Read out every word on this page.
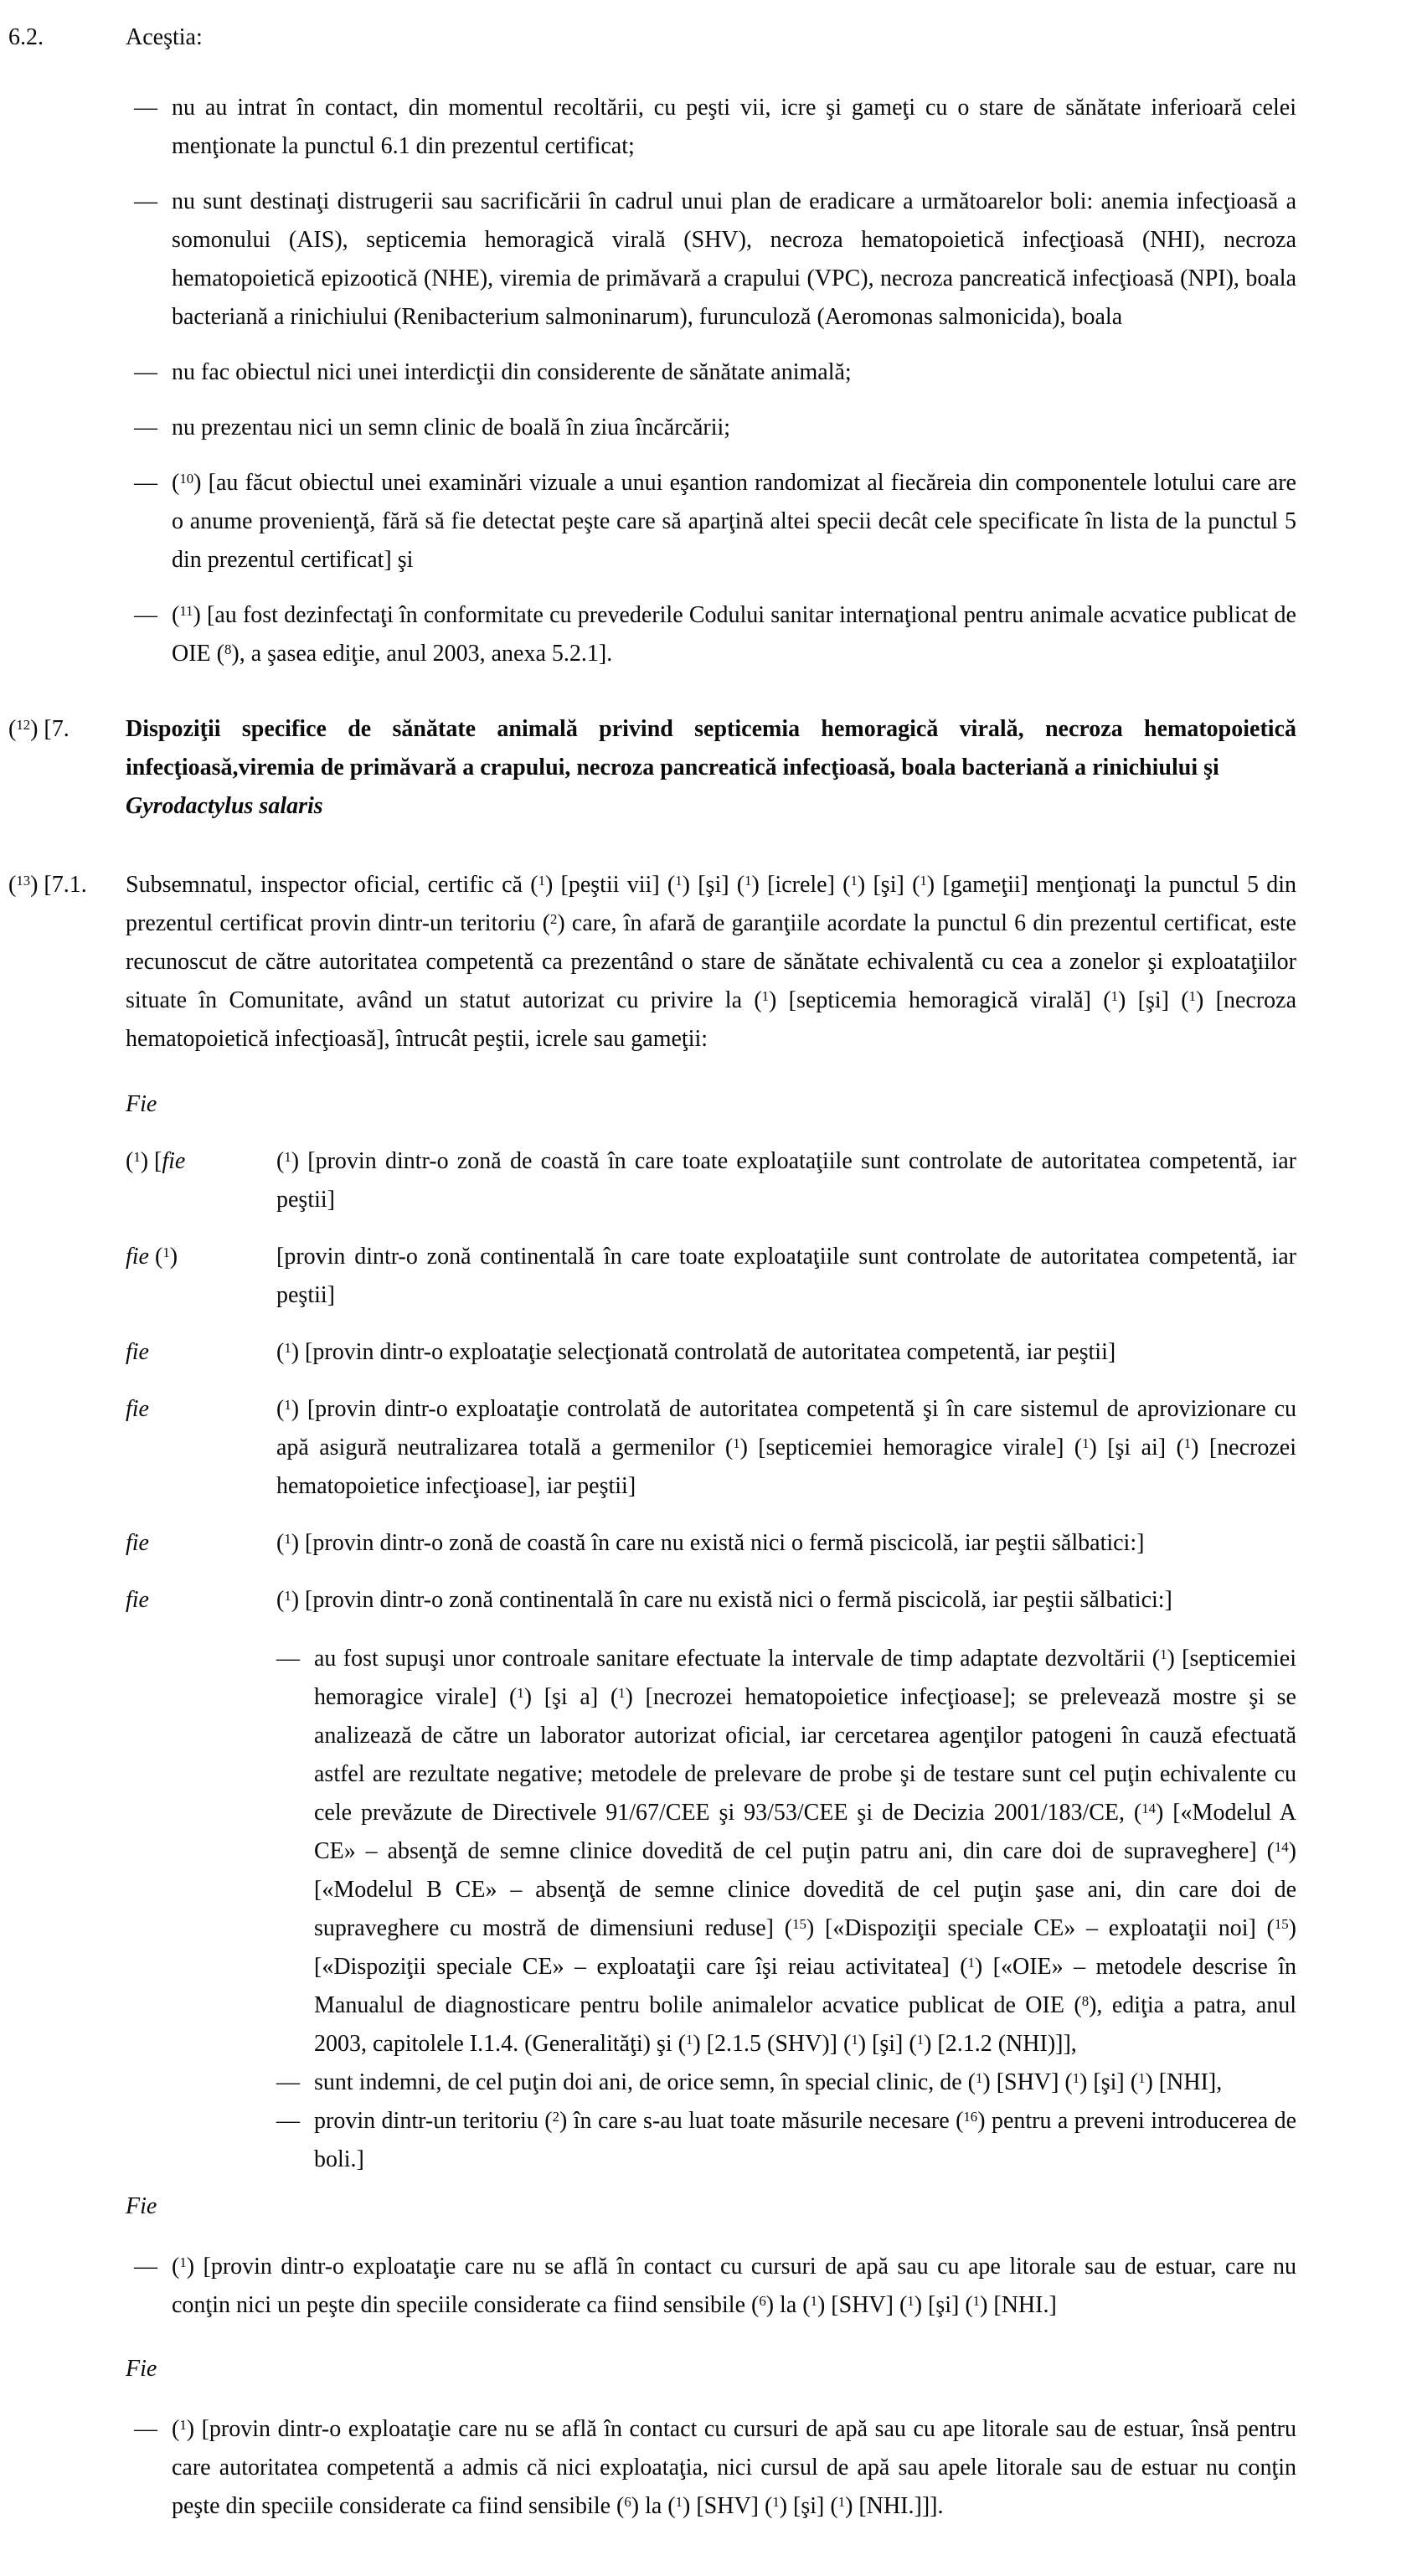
6.2.	Aceştia:
— nu au intrat în contact, din momentul recoltării, cu peşti vii, icre şi gameţi cu o stare de sănătate inferioară celei menţionate la punctul 6.1 din prezentul certificat;
— nu sunt destinaţi distrugerii sau sacrificării în cadrul unui plan de eradicare a următoarelor boli: anemia infecţioasă a somonului (AIS), septicemia hemoragică virală (SHV), necroza hematopoietică infecţioasă (NHI), necroza hematopoietică epizootică (NHE), viremia de primăvară a crapului (VPC), necroza pancreatică infecţioasă (NPI), boala bacteriană a rinichiului (Renibacterium salmoninarum), furunculoză (Aeromonas salmonicida), boala
— nu fac obiectul nici unei interdicţii din considerente de sănătate animală;
— nu prezentau nici un semn clinic de boală în ziua încărcării;
— ($^{10}$) [au făcut obiectul unei examinări vizuale a unui eşantion randomizat al fiecăreia din componentele lotului care are o anume provenienţă, fără să fie detectat peşte care să aparţină altei specii decât cele specificate în lista de la punctul 5 din prezentul certificat] şi
— ($^{11}$) [au fost dezinfectaţi în conformitate cu prevederile Codului sanitar internaţional pentru animale acvatice publicat de OIE ($^8$), a şasea ediţie, anul 2003, anexa 5.2.1].
($^{12}$) [7.	Dispoziţii specifice de sănătate animală privind septicemia hemoragică virală, necroza hematopoietică infecţioasă,viremia de primăvară a crapului, necroza pancreatică infecţioasă, boala bacteriană a rinichiului şi
Gyrodactylus salaris
($^{13}$) [7.1.	Subsemnatul, inspector oficial, certific că ($^1$) [peştii vii] ($^1$) [şi] ($^1$) [icrele] ($^1$) [şi] ($^1$) [gameţii] menţionaţi la punctul 5 din prezentul certificat provin dintr-un teritoriu ($^2$) care, în afară de garanţiile acordate la punctul 6 din prezentul certificat, este recunoscut de către autoritatea competentă ca prezentând o stare de sănătate echivalentă cu cea a zonelor şi exploataţiilor situate în Comunitate, având un statut autorizat cu privire la ($^1$) [septicemia hemoragică virală] ($^1$) [şi] ($^1$) [necroza hematopoietică infecţioasă], întrucât peştii, icrele sau gameţii:
Fie
($^1$) [fie	($^1$) [provin dintr-o zonă de coastă în care toate exploataţiile sunt controlate de autoritatea competentă, iar peştii]
fie ($^1$)	[provin dintr-o zonă continentală în care toate exploataţiile sunt controlate de autoritatea competentă, iar peştii]
fie	($^1$) [provin dintr-o exploataţie selecţionată controlată de autoritatea competentă, iar peştii]
fie	($^1$) [provin dintr-o exploataţie controlată de autoritatea competentă şi în care sistemul de aprovizionare cu apă asigură neutralizarea totală a germenilor ($^1$) [septicemiei hemoragice virale] ($^1$) [şi ai] ($^1$) [necrozei hematopoietice infecţioase], iar peştii]
fie	($^1$) [provin dintr-o zonă de coastă în care nu există nici o fermă piscicolă, iar peştii sălbatici:]
fie	($^1$) [provin dintr-o zonă continentală în care nu există nici o fermă piscicolă, iar peştii sălbatici:]
— au fost supuşi unor controale sanitare efectuate la intervale de timp adaptate dezvoltării ($^1$) [septicemiei hemoragice virale] ($^1$) [şi a] ($^1$) [necrozei hematopoietice infecţioase]; se prelevează mostre şi se analizează de către un laborator autorizat oficial, iar cercetarea agenţilor patogeni în cauză efectuată astfel are rezultate negative; metodele de prelevare de probe şi de testare sunt cel puţin echivalente cu cele prevăzute de Directivele 91/67/CEE şi 93/53/CEE şi de Decizia 2001/183/CE, ($^{14}$) [«Modelul A CE» – absenţă de semne clinice dovedită de cel puţin patru ani, din care doi de supraveghere] ($^{14}$) [«Modelul B CE» – absenţă de semne clinice dovedită de cel puţin şase ani, din care doi de supraveghere cu mostră de dimensiuni reduse] ($^{15}$) [«Dispoziţii speciale CE» – exploataţii noi] ($^{15}$) [«Dispoziţii speciale CE» – exploataţii care îşi reiau activitatea] ($^1$) [«OIE» – metodele descrise în Manualul de diagnosticare pentru bolile animalelor acvatice publicat de OIE ($^8$), ediţia a patra, anul 2003, capitolele I.1.4. (Generalităţi) şi ($^1$) [2.1.5 (SHV)] ($^1$) [şi] ($^1$) [2.1.2 (NHI)]],
— sunt indemni, de cel puţin doi ani, de orice semn, în special clinic, de ($^1$) [SHV] ($^1$) [şi] ($^1$) [NHI],
— provin dintr-un teritoriu ($^2$) în care s-au luat toate măsurile necesare ($^{16}$) pentru a preveni introducerea de boli.]
Fie
— ($^1$) [provin dintr-o exploataţie care nu se află în contact cu cursuri de apă sau cu ape litorale sau de estuar, care nu conţin nici un peşte din speciile considerate ca fiind sensibile ($^6$) la ($^1$) [SHV] ($^1$) [şi] ($^1$) [NHI.]
Fie
— ($^1$) [provin dintr-o exploataţie care nu se află în contact cu cursuri de apă sau cu ape litorale sau de estuar, însă pentru care autoritatea competentă a admis că nici exploataţia, nici cursul de apă sau apele litorale sau de estuar nu conţin peşte din speciile considerate ca fiind sensibile ($^6$) la ($^1$) [SHV] ($^1$) [şi] ($^1$) [NHI.]]].
